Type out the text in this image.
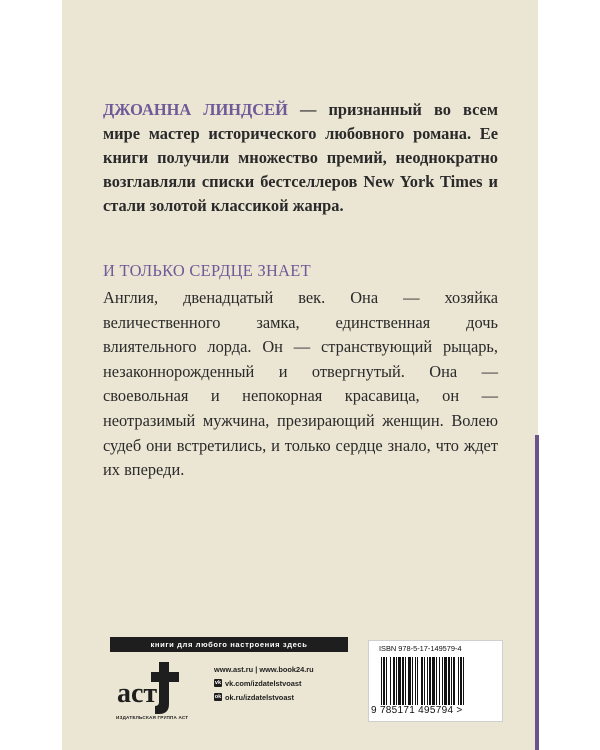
ДЖОАННА ЛИНДСЕЙ — признанный во всем мире мастер исторического любовного романа. Ее книги получили множество премий, неоднократно возглавляли списки бестселлеров New York Times и стали золотой классикой жанра.

И ТОЛЬКО СЕРДЦЕ ЗНАЕТ

Англия, двенадцатый век. Она — хозяйка величественного замка, единственная дочь влиятельного лорда. Он — странствующий рыцарь, незаконнорожденный и отвергнутый. Она — своевольная и непокорная красавица, он — неотразимый мужчина, презирающий женщин. Волею судеб они встретились, и только сердце знало, что ждет их впереди.

книги для любого настроения здесь
аст
ИЗДАТЕЛЬСКАЯ ГРУППА АСТ
www.ast.ru | www.book24.ru
vk vk.com/izdatelstvoast
ok ok.ru/izdatelstvoast
ISBN 978-5-17-149579-4
9 785171 495794 >
